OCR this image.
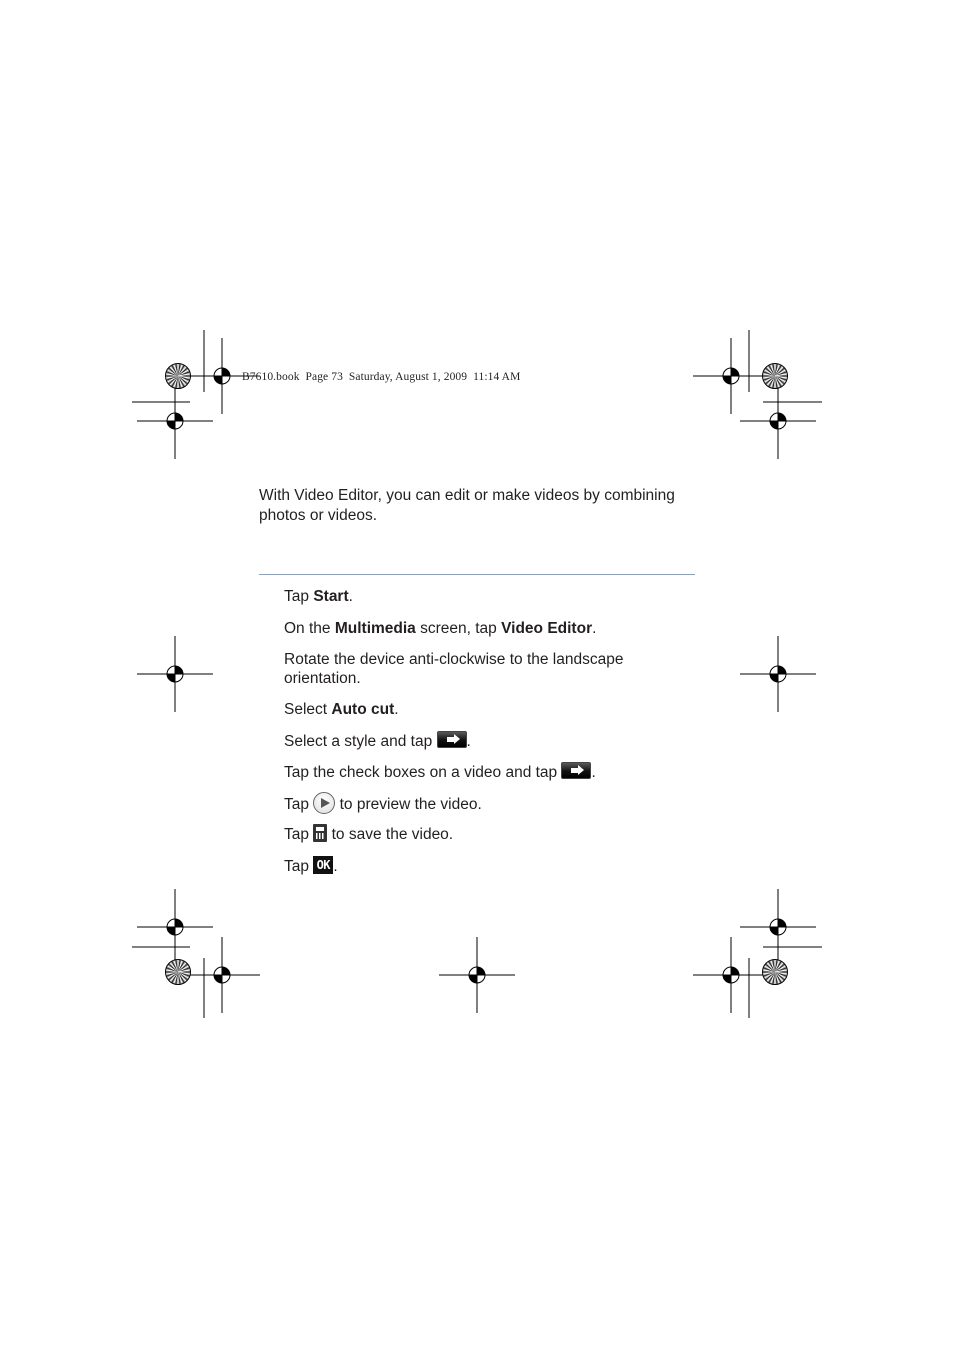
B7610.book  Page 73  Saturday, August 1, 2009  11:14 AM
With Video Editor, you can edit or make videos by combining photos or videos.
Tap Start.
On the Multimedia screen, tap Video Editor.
Rotate the device anti-clockwise to the landscape orientation.
Select Auto cut.
Select a style and tap .
Tap the check boxes on a video and tap .
Tap  to preview the video.
Tap  to save the video.
Tap OK .
